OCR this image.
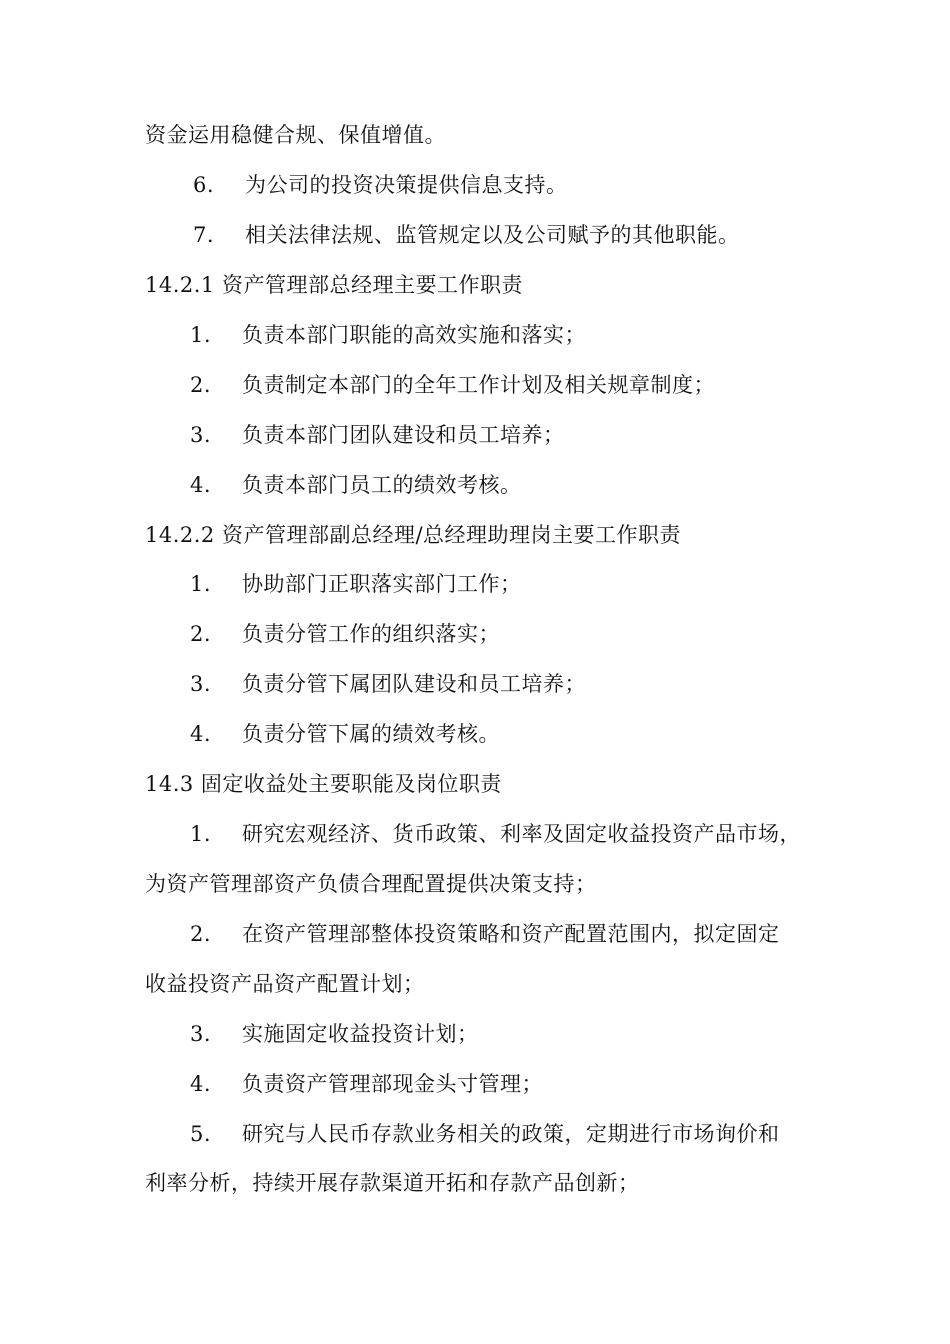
资金运用稳健合规、保值增值。
6. 为公司的投资决策提供信息支持。
7. 相关法律法规、监管规定以及公司赋予的其他职能。
14.2.1 资产管理部总经理主要工作职责
1. 负责本部门职能的高效实施和落实；
2. 负责制定本部门的全年工作计划及相关规章制度；
3. 负责本部门团队建设和员工培养；
4. 负责本部门员工的绩效考核。
14.2.2 资产管理部副总经理/总经理助理岗主要工作职责
1. 协助部门正职落实部门工作；
2. 负责分管工作的组织落实；
3. 负责分管下属团队建设和员工培养；
4. 负责分管下属的绩效考核。
14.3 固定收益处主要职能及岗位职责
1. 研究宏观经济、货币政策、利率及固定收益投资产品市场，
为资产管理部资产负债合理配置提供决策支持；
2. 在资产管理部整体投资策略和资产配置范围内，拟定固定
收益投资产品资产配置计划；
3. 实施固定收益投资计划；
4. 负责资产管理部现金头寸管理；
5. 研究与人民币存款业务相关的政策，定期进行市场询价和
利率分析，持续开展存款渠道开拓和存款产品创新；
